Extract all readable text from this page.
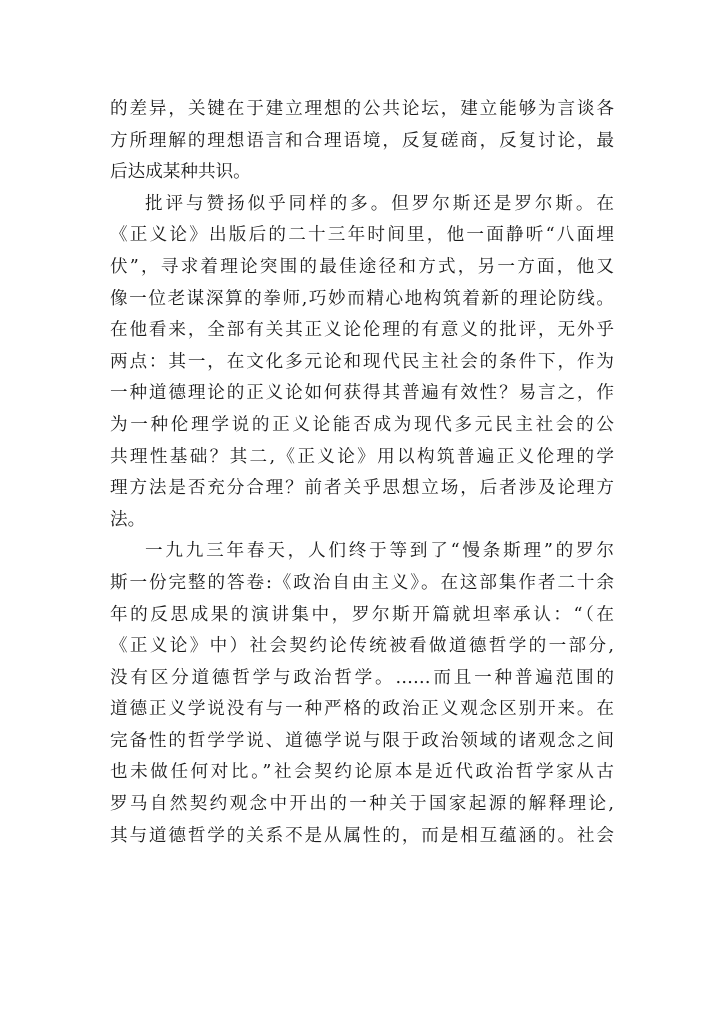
的差异，关键在于建立理想的公共论坛，建立能够为言谈各
方所理解的理想语言和合理语境，反复磋商，反复讨论，最
后达成某种共识。
批评与赞扬似乎同样的多。但罗尔斯还是罗尔斯。在
《正义论》出版后的二十三年时间里，他一面静听“八面埋
伏”，寻求着理论突围的最佳途径和方式，另一方面，他又
像一位老谋深算的拳师,巧妙而精心地构筑着新的理论防线。
在他看来，全部有关其正义论伦理的有意义的批评，无外乎
两点：其一，在文化多元论和现代民主社会的条件下，作为
一种道德理论的正义论如何获得其普遍有效性？易言之，作
为一种伦理学说的正义论能否成为现代多元民主社会的公
共理性基础？其二,《正义论》用以构筑普遍正义伦理的学
理方法是否充分合理？前者关乎思想立场，后者涉及论理方
法。
一九九三年春天，人们终于等到了“慢条斯理”的罗尔
斯一份完整的答卷:《政治自由主义》。在这部集作者二十余
年的反思成果的演讲集中，罗尔斯开篇就坦率承认：“（在
《正义论》中）社会契约论传统被看做道德哲学的一部分,
没有区分道德哲学与政治哲学。……而且一种普遍范围的
道德正义学说没有与一种严格的政治正义观念区别开来。在
完备性的哲学学说、道德学说与限于政治领域的诸观念之间
也未做任何对比。”社会契约论原本是近代政治哲学家从古
罗马自然契约观念中开出的一种关于国家起源的解释理论,
其与道德哲学的关系不是从属性的，而是相互蕴涵的。社会
